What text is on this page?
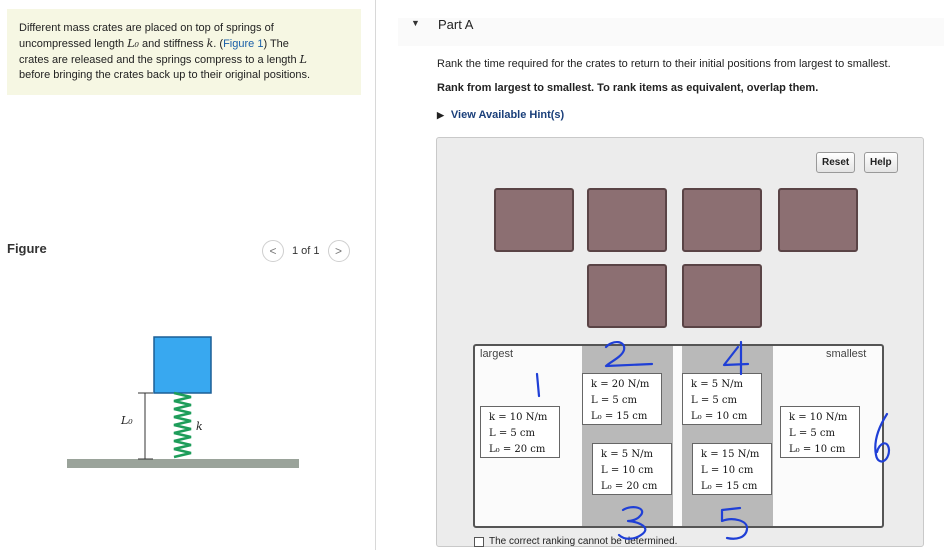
Different mass crates are placed on top of springs of
uncompressed length L₀ and stiffness k. (Figure 1) The
crates are released and the springs compress to a length L
before bringing the crates back up to their original positions.
Figure	< 1 of 1 >
L₀	k
▼ Part A
Rank the time required for the crates to return to their initial positions from largest to smallest.
Rank from largest to smallest. To rank items as equivalent, overlap them.
▶ View Available Hint(s)
Reset	Help
largest	smallest
k = 10 N/m
L = 5 cm
L₀ = 20 cm
k = 20 N/m
L = 5 cm
L₀ = 15 cm
k = 5 N/m
L = 10 cm
L₀ = 20 cm
k = 5 N/m
L = 5 cm
L₀ = 10 cm
k = 15 N/m
L = 10 cm
L₀ = 15 cm
k = 10 N/m
L = 5 cm
L₀ = 10 cm
The correct ranking cannot be determined.
